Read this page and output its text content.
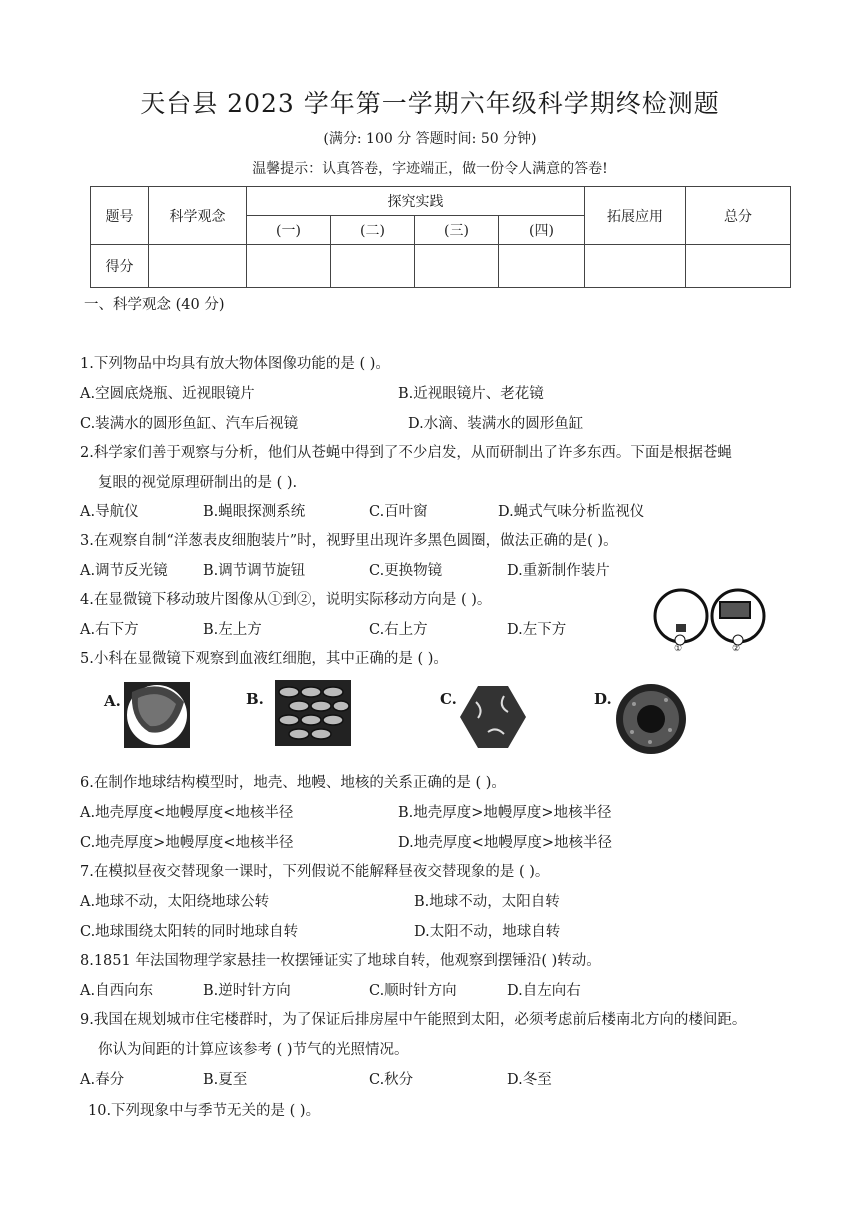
天台县 2023 学年第一学期六年级科学期终检测题
(满分: 100 分 答题时间: 50 分钟)
温馨提示：认真答卷，字迹端正，做一份令人满意的答卷!
题号	科学观念	探究实践				拓展应用	总分
		(一)	(二)	(三)	(四)		
得分							
一、科学观念 (40 分)
1.下列物品中均具有放大物体图像功能的是 ( )。
A.空圆底烧瓶、近视眼镜片	B.近视眼镜片、老花镜
C.装满水的圆形鱼缸、汽车后视镜	D.水滴、装满水的圆形鱼缸
2.科学家们善于观察与分析，他们从苍蝇中得到了不少启发，从而研制出了许多东西。下面是根据苍蝇
复眼的视觉原理研制出的是 ( ).
A.导航仪	B.蝇眼探测系统	C.百叶窗	D.蝇式气味分析监视仪
3.在观察自制“洋葱表皮细胞装片”时，视野里出现许多黑色圆圈，做法正确的是( )。
A.调节反光镜 B.调节调节旋钮	C.更换物镜	D.重新制作装片
4.在显微镜下移动玻片图像从①到②，说明实际移动方向是 ( )。
A.右下方	B.左上方	C.右上方	D.左下方
①	②
5.小科在显微镜下观察到血液红细胞，其中正确的是 ( )。
A.	B.	C.	D.
6.在制作地球结构模型时，地壳、地幔、地核的关系正确的是 ( )。
A.地壳厚度<地幔厚度<地核半径	B.地壳厚度>地幔厚度>地核半径
C.地壳厚度>地幔厚度<地核半径	D.地壳厚度<地幔厚度>地核半径
7.在模拟昼夜交替现象一课时，下列假说不能解释昼夜交替现象的是 ( )。
A.地球不动，太阳绕地球公转	B.地球不动，太阳自转
C.地球围绕太阳转的同时地球自转	D.太阳不动，地球自转
8.1851 年法国物理学家悬挂一枚摆锤证实了地球自转，他观察到摆锤沿( )转动。
A.自西向东	B.逆时针方向	C.顺时针方向	D.自左向右
9.我国在规划城市住宅楼群时，为了保证后排房屋中午能照到太阳，必须考虑前后楼南北方向的楼间距。
你认为间距的计算应该参考 ( )节气的光照情况。
A.春分	B.夏至	C.秋分	D.冬至
10.下列现象中与季节无关的是 ( )。
